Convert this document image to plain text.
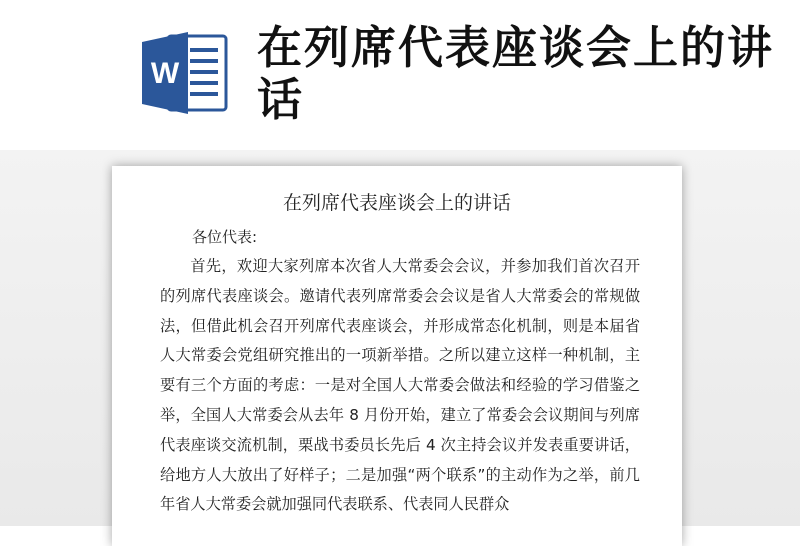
W 在列席代表座谈会上的讲话
在列席代表座谈会上的讲话
各位代表:
首先，欢迎大家列席本次省人大常委会会议，并参加我们首次召开的列席代表座谈会。邀请代表列席常委会会议是省人大常委会的常规做法，但借此机会召开列席代表座谈会，并形成常态化机制，则是本届省人大常委会党组研究推出的一项新举措。之所以建立这样一种机制，主要有三个方面的考虑：一是对全国人大常委会做法和经验的学习借鉴之举，全国人大常委会从去年 8 月份开始，建立了常委会会议期间与列席代表座谈交流机制，栗战书委员长先后 4 次主持会议并发表重要讲话，给地方人大放出了好样子；二是加强“两个联系”的主动作为之举，前几年省人大常委会就加强同代表联系、代表同人民群众
